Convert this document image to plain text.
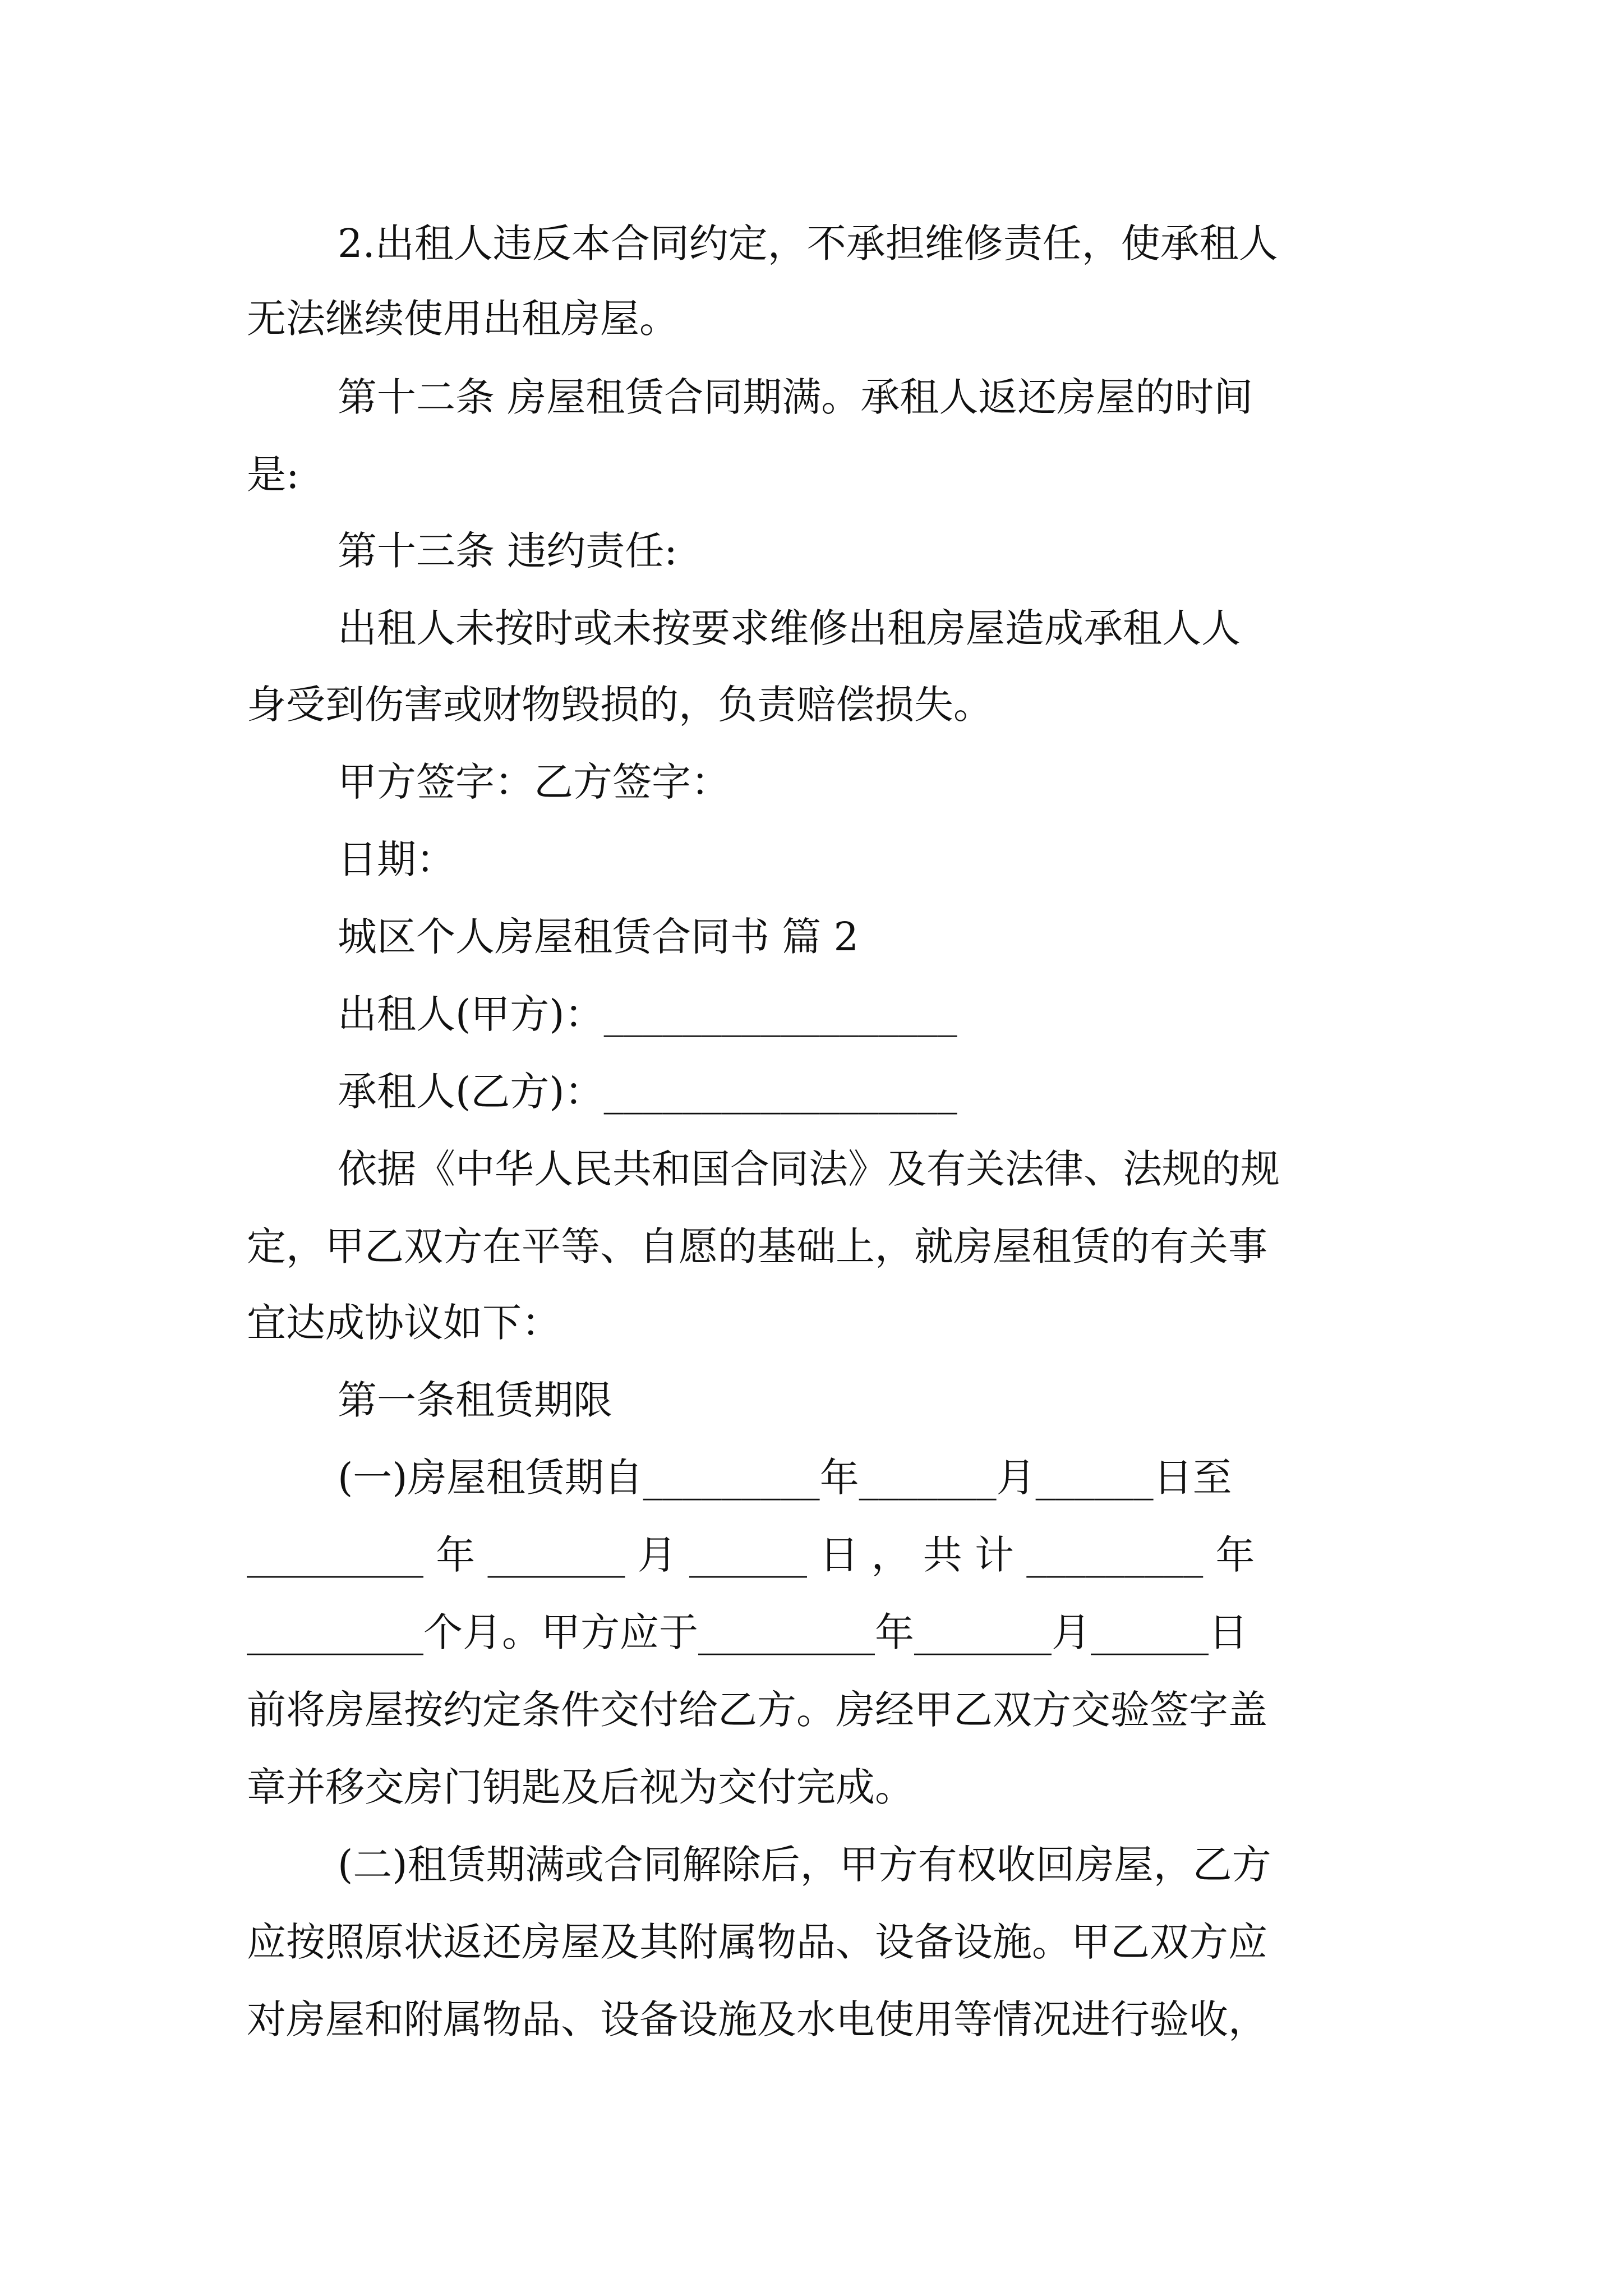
2.出租人违反本合同约定，不承担维修责任，使承租人

无法继续使用出租房屋。

第十二条 房屋租赁合同期满。承租人返还房屋的时间

是:

第十三条 违约责任:

出租人未按时或未按要求维修出租房屋造成承租人人

身受到伤害或财物毁损的，负责赔偿损失。

甲方签字：乙方签字：

日期：

城区个人房屋租赁合同书 篇 2

出租人(甲方)：__________________

承租人(乙方)：__________________

依据《中华人民共和国合同法》及有关法律、法规的规

定，甲乙双方在平等、自愿的基础上，就房屋租赁的有关事

宜达成协议如下：

第一条租赁期限

(一)房屋租赁期自_________年_______月______日至

_________ 年 _______ 月 ______ 日 ， 共 计 _________ 年

_________个月。甲方应于_________年_______月______日

前将房屋按约定条件交付给乙方。房经甲乙双方交验签字盖

章并移交房门钥匙及后视为交付完成。

(二)租赁期满或合同解除后，甲方有权收回房屋，乙方

应按照原状返还房屋及其附属物品、设备设施。甲乙双方应

对房屋和附属物品、设备设施及水电使用等情况进行验收，
